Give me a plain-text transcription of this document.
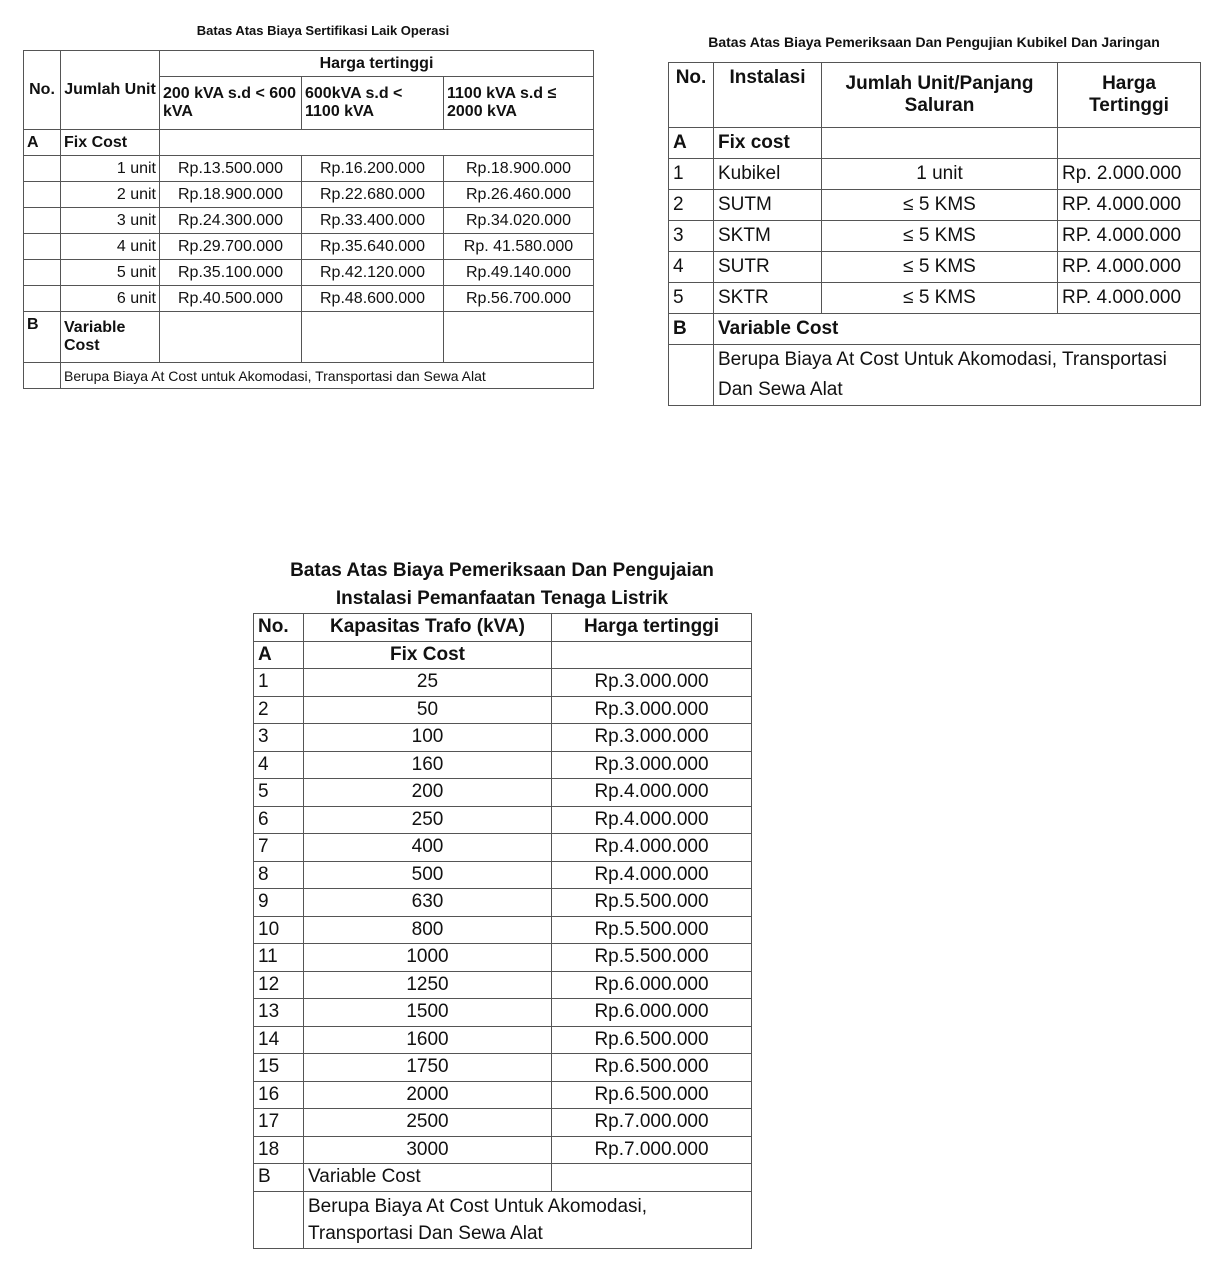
Batas Atas Biaya Sertifikasi Laik Operasi
No.	Jumlah Unit	Harga tertinggi		
		200 kVA s.d < 600 kVA	600kVA s.d < 1100 kVA	1100 kVA s.d ≤ 2000 kVA
A	Fix Cost			
	1 unit	Rp.13.500.000	Rp.16.200.000	Rp.18.900.000
	2 unit	Rp.18.900.000	Rp.22.680.000	Rp.26.460.000
	3 unit	Rp.24.300.000	Rp.33.400.000	Rp.34.020.000
	4 unit	Rp.29.700.000	Rp.35.640.000	Rp. 41.580.000
	5 unit	Rp.35.100.000	Rp.42.120.000	Rp.49.140.000
	6 unit	Rp.40.500.000	Rp.48.600.000	Rp.56.700.000
B	Variable Cost			
	Berupa Biaya At Cost untuk Akomodasi, Transportasi dan Sewa Alat			
Batas Atas Biaya Pemeriksaan Dan Pengujian Kubikel Dan Jaringan
No.	Instalasi	Jumlah Unit/Panjang Saluran	Harga Tertinggi
A	Fix cost		
1	Kubikel	1 unit	Rp. 2.000.000
2	SUTM	≤ 5 KMS	RP. 4.000.000
3	SKTM	≤ 5 KMS	RP. 4.000.000
4	SUTR	≤ 5 KMS	RP. 4.000.000
5	SKTR	≤ 5 KMS	RP. 4.000.000
B	Variable Cost		
	Berupa Biaya At Cost Untuk Akomodasi, Transportasi Dan Sewa Alat		
Batas Atas Biaya Pemeriksaan Dan Pengujaian Instalasi Pemanfaatan Tenaga Listrik
No.	Kapasitas Trafo (kVA)	Harga tertinggi
A	Fix Cost	
1	25	Rp.3.000.000
2	50	Rp.3.000.000
3	100	Rp.3.000.000
4	160	Rp.3.000.000
5	200	Rp.4.000.000
6	250	Rp.4.000.000
7	400	Rp.4.000.000
8	500	Rp.4.000.000
9	630	Rp.5.500.000
10	800	Rp.5.500.000
11	1000	Rp.5.500.000
12	1250	Rp.6.000.000
13	1500	Rp.6.000.000
14	1600	Rp.6.500.000
15	1750	Rp.6.500.000
16	2000	Rp.6.500.000
17	2500	Rp.7.000.000
18	3000	Rp.7.000.000
B	Variable Cost	
	Berupa Biaya At Cost Untuk Akomodasi, Transportasi Dan Sewa Alat	
